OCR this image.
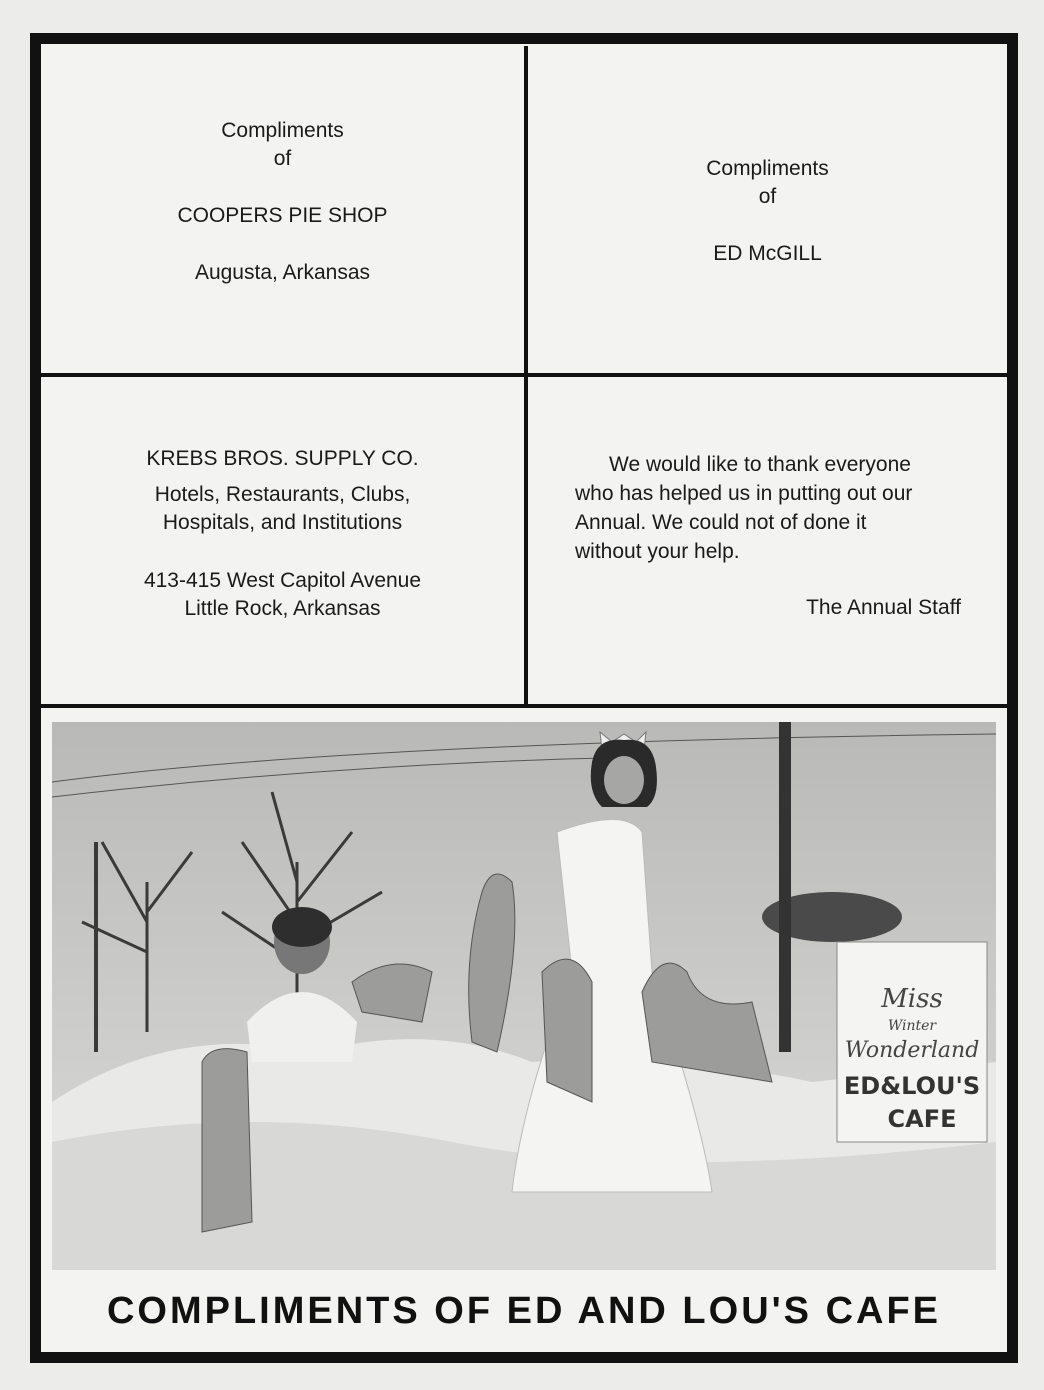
Compliments

of

COOPERS PIE SHOP

Augusta, Arkansas

Compliments

of

ED McGILL

KREBS BROS. SUPPLY CO.

Hotels, Restaurants, Clubs,

Hospitals, and Institutions

413-415 West Capitol Avenue

Little Rock, Arkansas

We would like to thank everyone

who has helped us in putting out our

Annual. We could not of done it

without your help.

The Annual Staff

Miss
Winter
Wonderland
ED&LOU'S
CAFE
COMPLIMENTS OF ED AND LOU'S CAFE
